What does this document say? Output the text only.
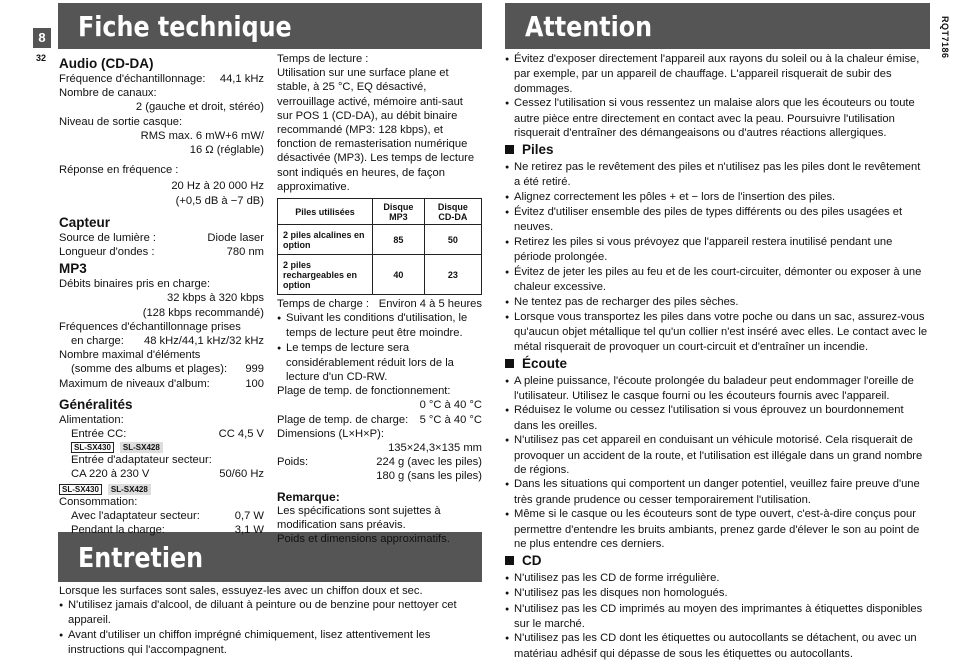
8
32	RQT7186
Fiche technique	Attention
Entretien
Audio (CD-DA)
Fréquence d'échantillonnage: 44,1 kHz
Nombre de canaux:
2 (gauche et droit, stéréo)
Niveau de sortie casque:
RMS max. 6 mW+6 mW/
16 Ω (réglable)
Réponse en fréquence :
20 Hz à 20 000 Hz
(+0,5 dB à −7 dB)
Capteur
Source de lumière :	Diode laser
Longueur d'ondes :	780 nm
MP3
Débits binaires pris en charge:
32 kbps à 320 kbps
(128 kbps recommandé)
Fréquences d'échantillonnage prises
en charge: 48 kHz/44,1 kHz/32 kHz
Nombre maximal d'éléments
(somme des albums et plages): 999
Maximum de niveaux d'album:	100
Généralités
Alimentation:
Entrée CC:	CC 4,5 V
SL-SX430 SL-SX428
Entrée d'adaptateur secteur:
CA 220 à 230 V	50/60 Hz
SL-SX430 SL-SX428
Consommation:
Avec l'adaptateur secteur:	0,7 W
Pendant la charge:	3,1 W
Temps de lecture :
Utilisation sur une surface plane et
stable, à 25 °C, EQ désactivé,
verrouillage activé, mémoire anti-saut
sur POS 1 (CD-DA), au débit binaire
recommandé (MP3: 128 kbps), et
fonction de remasterisation numérique
désactivée (MP3). Les temps de lecture
sont indiqués en heures, de façon
approximative.
Piles utilisées	Disque MP3	Disque CD-DA
2 piles alcalines en option	85	50
2 piles rechargeables en option	40	23
Temps de charge : Environ 4 à 5 heures
● Suivant les conditions d'utilisation, le temps de lecture peut être moindre.
● Le temps de lecture sera considérablement réduit lors de la lecture d'un CD-RW.
Plage de temp. de fonctionnement:
0 °C à 40 °C
Plage de temp. de charge: 5 °C à 40 °C
Dimensions (L×H×P):
135×24,3×135 mm
Poids:	224 g (avec les piles)
180 g (sans les piles)
Remarque:
Les spécifications sont sujettes à
modification sans préavis.
Poids et dimensions approximatifs.
Lorsque les surfaces sont sales, essuyez-les avec un chiffon doux et sec.
● N'utilisez jamais d'alcool, de diluant à peinture ou de benzine pour nettoyer cet appareil.
● Avant d'utiliser un chiffon imprégné chimiquement, lisez attentivement les instructions qui l'accompagnent.
● Évitez d'exposer directement l'appareil aux rayons du soleil ou à la chaleur émise, par exemple, par un appareil de chauffage. L'appareil risquerait de subir des dommages.
● Cessez l'utilisation si vous ressentez un malaise alors que les écouteurs ou toute autre pièce entre directement en contact avec la peau. Poursuivre l'utilisation risquerait d'entraîner des démangeaisons ou d'autres réactions allergiques.
Piles
● Ne retirez pas le revêtement des piles et n'utilisez pas les piles dont le revêtement a été retiré.
● Alignez correctement les pôles + et − lors de l'insertion des piles.
● Évitez d'utiliser ensemble des piles de types différents ou des piles usagées et neuves.
● Retirez les piles si vous prévoyez que l'appareil restera inutilisé pendant une période prolongée.
● Évitez de jeter les piles au feu et de les court-circuiter, démonter ou exposer à une chaleur excessive.
● Ne tentez pas de recharger des piles sèches.
● Lorsque vous transportez les piles dans votre poche ou dans un sac, assurez-vous qu'aucun objet métallique tel qu'un collier n'est inséré avec elles. Le contact avec le métal risquerait de provoquer un court-circuit et d'entraîner un incendie.
Écoute
● A pleine puissance, l'écoute prolongée du baladeur peut endommager l'oreille de l'utilisateur. Utilisez le casque fourni ou les écouteurs fournis avec l'appareil.
● Réduisez le volume ou cessez l'utilisation si vous éprouvez un bourdonnement dans les oreilles.
● N'utilisez pas cet appareil en conduisant un véhicule motorisé. Cela risquerait de provoquer un accident de la route, et l'utilisation est illégale dans un grand nombre de régions.
● Dans les situations qui comportent un danger potentiel, veuillez faire preuve d'une très grande prudence ou cesser temporairement l'utilisation.
● Même si le casque ou les écouteurs sont de type ouvert, c'est-à-dire conçus pour permettre d'entendre les bruits ambiants, prenez garde d'élever le son au point de ne plus entendre ces derniers.
CD
● N'utilisez pas les CD de forme irrégulière.
● N'utilisez pas les disques non homologués.
● N'utilisez pas les CD imprimés au moyen des imprimantes à étiquettes disponibles sur le marché.
● N'utilisez pas les CD dont les étiquettes ou autocollants se détachent, ou avec un matériau adhésif qui dépasse de sous les étiquettes ou autocollants.
